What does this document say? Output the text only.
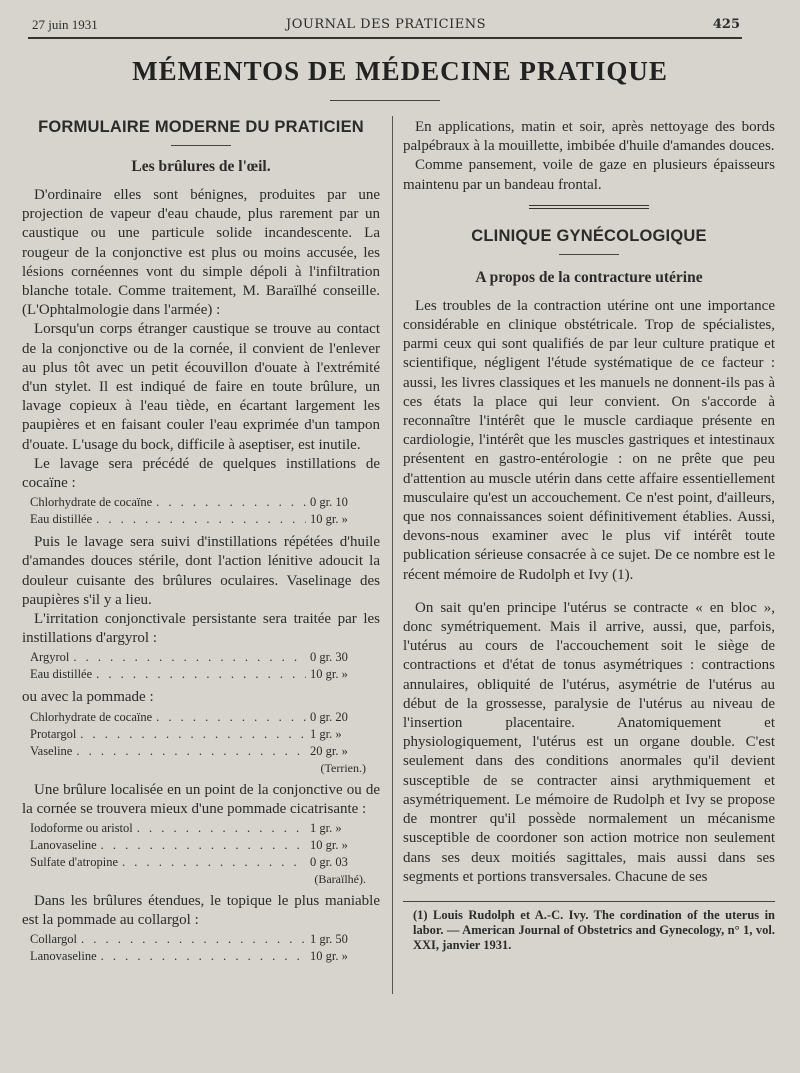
27 juin 1931	JOURNAL DES PRATICIENS	425
MÉMENTOS DE MÉDECINE PRATIQUE
FORMULAIRE MODERNE DU PRATICIEN
Les brûlures de l'œil.

D'ordinaire elles sont bénignes, produites par une projection de vapeur d'eau chaude, plus rarement par un caustique ou une particule solide incandescente. La rougeur de la conjonctive est plus ou moins accusée, les lésions cornéennes vont du simple dépoli à l'infiltration blanche totale. Comme traitement, M. Baraïlhé conseille. (L'Ophtalmologie dans l'armée) :

Lorsqu'un corps étranger caustique se trouve au contact de la conjonctive ou de la cornée, il convient de l'enlever au plus tôt avec un petit écouvillon d'ouate à l'extrémité d'un stylet. Il est indiqué de faire en toute brûlure, un lavage copieux à l'eau tiède, en écartant largement les paupières et en faisant couler l'eau exprimée d'un tampon d'ouate. L'usage du bock, difficile à aseptiser, est inutile.

Le lavage sera précédé de quelques instillations de cocaïne :

Chlorhydrate de cocaïne . . .	0 gr. 10
Eau distillée . . .	10 gr. »

Puis le lavage sera suivi d'instillations répétées d'huile d'amandes douces stérile, dont l'action lénitive adoucit la douleur cuisante des brûlures oculaires. Vaselinage des paupières s'il y a lieu.

L'irritation conjonctivale persistante sera traitée par les instillations d'argyrol :

Argyrol . . .	0 gr. 30
Eau distillée . . .	10 gr. »

ou avec la pommade :

Chlorhydrate de cocaïne . . .	0 gr. 20
Protargol . . .	1 gr. »
Vaseline . . .	20 gr. »
(Terrien.)

Une brûlure localisée en un point de la conjonctive ou de la cornée se trouvera mieux d'une pommade cicatrisante :

Iodoforme ou aristol . . .	1 gr. »
Lanovaseline . . .	10 gr. »
Sulfate d'atropine . . .	0 gr. 03
(Baraïlhé).

Dans les brûlures étendues, le topique le plus maniable est la pommade au collargol :

Collargol . . .	1 gr. 50
Lanovaseline . . .	10 gr. »

En applications, matin et soir, après nettoyage des bords palpébraux à la mouillette, imbibée d'huile d'amandes douces.

Comme pansement, voile de gaze en plusieurs épaisseurs maintenu par un bandeau frontal.

CLINIQUE GYNÉCOLOGIQUE
A propos de la contracture utérine

Les troubles de la contraction utérine ont une importance considérable en clinique obstétricale. Trop de spécialistes, parmi ceux qui sont qualifiés de par leur culture pratique et scientifique, négligent l'étude systématique de ce facteur : aussi, les livres classiques et les manuels ne donnent-ils pas à ces états la place qui leur convient. On s'accorde à reconnaître l'intérêt que le muscle cardiaque présente en cardiologie, l'intérêt que les muscles gastriques et intestinaux présentent en gastro-entérologie : on ne prête que peu d'attention au muscle utérin dans cette affaire essentiellement musculaire qu'est un accouchement. Ce n'est point, d'ailleurs, que nos connaissances soient définitivement établies. Aussi, devons-nous examiner avec le plus vif intérêt toute publication sérieuse consacrée à ce sujet. De ce nombre est le récent mémoire de Rudolph et Ivy (1).

On sait qu'en principe l'utérus se contracte « en bloc », donc symétriquement. Mais il arrive, aussi, que, parfois, l'utérus au cours de l'accouchement soit le siège de contractions et d'état de tonus asymétriques : contractions annulaires, obliquité de l'utérus, asymétrie de l'utérus au début de la grossesse, paralysie de l'utérus au niveau de l'insertion placentaire. Anatomiquement et physiologiquement, l'utérus est un organe double. C'est seulement dans des conditions anormales qu'il devient susceptible de se contracter ainsi arythmiquement et asymétriquement. Le mémoire de Rudolph et Ivy se propose de montrer qu'il possède normalement un mécanisme susceptible de coordoner son action motrice non seulement dans ses deux moitiés sagittales, mais aussi dans ses segments et portions transversales. Chacune de ses

(1) Louis Rudolph et A.-C. Ivy. The cordination of the uterus in labor. — American Journal of Obstetrics and Gynecology, n° 1, vol. XXI, janvier 1931.
